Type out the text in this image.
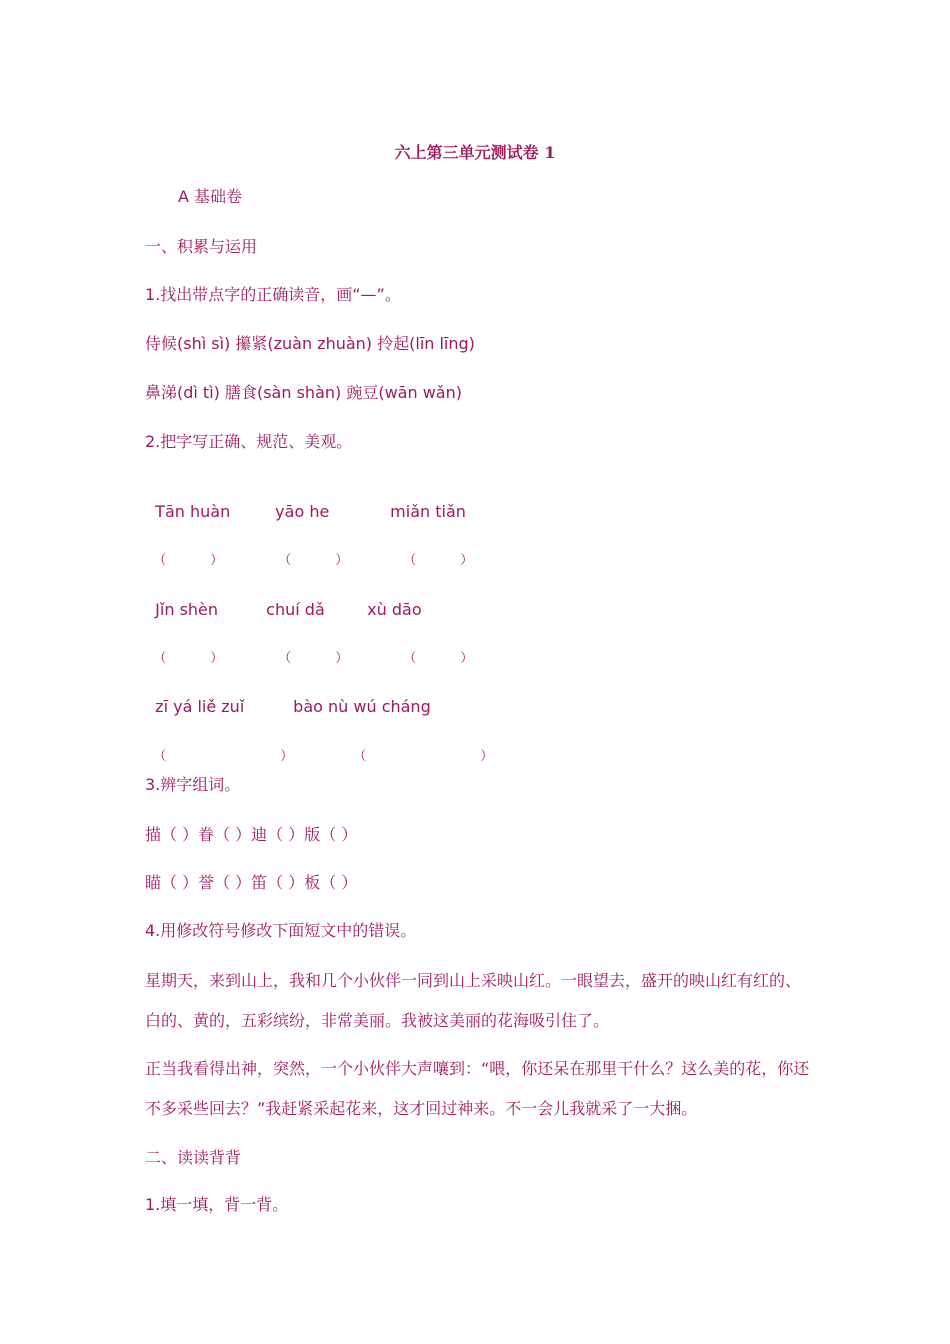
六上第三单元测试卷 1
A 基础卷
一、积累与运用
1.找出带点字的正确读音，画“—”。
侍候(shì sì) 攥紧(zuàn zhuàn) 拎起(līn līng)
鼻涕(dì tì) 膳食(sàn shàn) 豌豆(wān wǎn)
2.把字写正确、规范、美观。

Tān huàn	yāo he	miǎn tiǎn

（	）	（	）	（	）

Jǐn shèn	chuí dǎ	xù dāo

（	）	（	）	（	）

zī yá liě zuǐ	bào nù wú cháng

（	）	（	）

3.辨字组词。
描（ ）眷（ ）迪（ ）版（ ）
瞄（ ）誉（ ）笛（ ）板（ ）
4.用修改符号修改下面短文中的错误。
星期天，来到山上，我和几个小伙伴一同到山上采映山红。一眼望去，盛开的映山红有红的、白的、黄的，五彩缤纷，非常美丽。我被这美丽的花海吸引住了。
正当我看得出神，突然，一个小伙伴大声嚷到：“喂，你还呆在那里干什么？这么美的花，你还不多采些回去？”我赶紧采起花来，这才回过神来。不一会儿我就采了一大捆。
二、读读背背
1.填一填，背一背。
